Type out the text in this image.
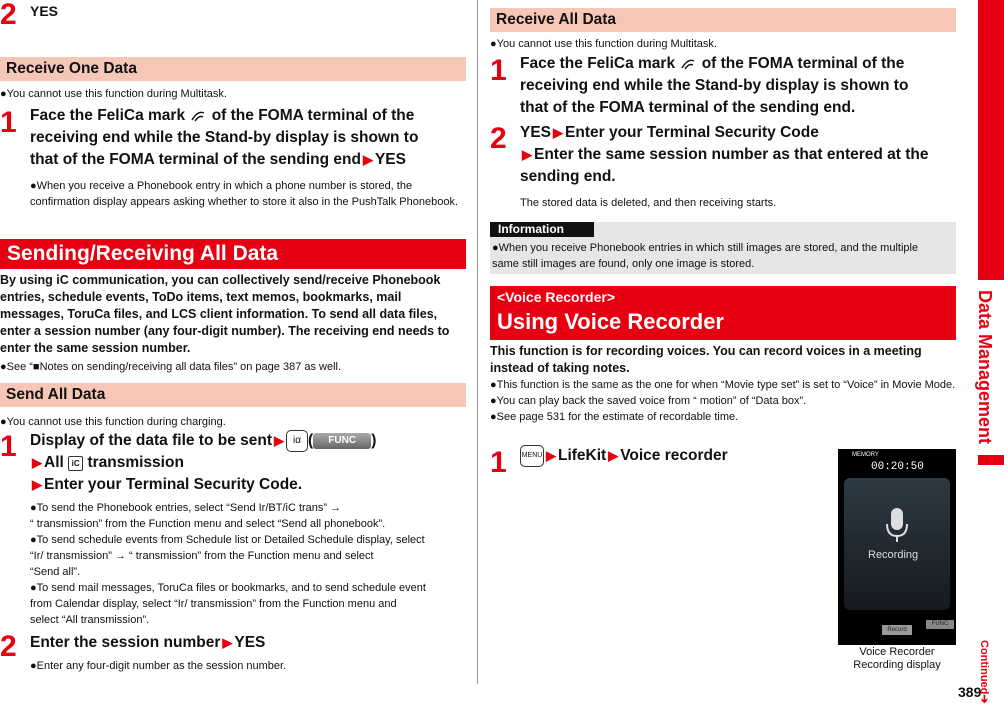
2 YES
Receive One Data
●You cannot use this function during Multitask.
1 Face the FeliCa mark of the FOMA terminal of the
receiving end while the Stand-by display is shown to
that of the FOMA terminal of the sending end ▶ YES
●When you receive a Phonebook entry in which a phone number is stored, the confirmation display appears asking whether to store it also in the PushTalk Phonebook.
Sending/Receiving All Data
By using iC communication, you can collectively send/receive Phonebook entries, schedule events, ToDo items, text memos, bookmarks, mail messages, ToruCa files, and LCS client information. To send all data files, enter a session number (any four-digit number). The receiving end needs to enter the same session number.
●See “■Notes on sending/receiving all data files” on page 387 as well.
Send All Data
●You cannot use this function during charging.
1 Display of the data file to be sent ▶ iα ( FUNC )
▶ All iC transmission
▶ Enter your Terminal Security Code.
●To send the Phonebook entries, select “Send Ir/BT/iC trans” →
“ transmission” from the Function menu and select “Send all phonebook”.
●To send schedule events from Schedule list or Detailed Schedule display, select
“Ir/ transmission” → “ transmission” from the Function menu and select
“Send all”.
●To send mail messages, ToruCa files or bookmarks, and to send schedule event
from Calendar display, select “Ir/ transmission” from the Function menu and
select “All transmission”.
2 Enter the session number ▶ YES
●Enter any four-digit number as the session number.
Receive All Data
●You cannot use this function during Multitask.
1 Face the FeliCa mark of the FOMA terminal of the
receiving end while the Stand-by display is shown to
that of the FOMA terminal of the sending end.
2 YES ▶ Enter your Terminal Security Code
▶ Enter the same session number as that entered at the
sending end.
The stored data is deleted, and then receiving starts.
Information
●When you receive Phonebook entries in which still images are stored, and the multiple same still images are found, only one image is stored.
<Voice Recorder>
Using Voice Recorder
This function is for recording voices. You can record voices in a meeting instead of taking notes.
●This function is the same as the one for when “Movie type set” is set to “Voice” in Movie Mode.
●You can play back the saved voice from “ motion” of “Data box”.
●See page 531 for the estimate of recordable time.
1 MENU ▶ LifeKit ▶ Voice recorder	MEMORY
00:20:50
Recording
Record
FUNC
Voice Recorder
Recording display
Data Management
Continued➔
389
